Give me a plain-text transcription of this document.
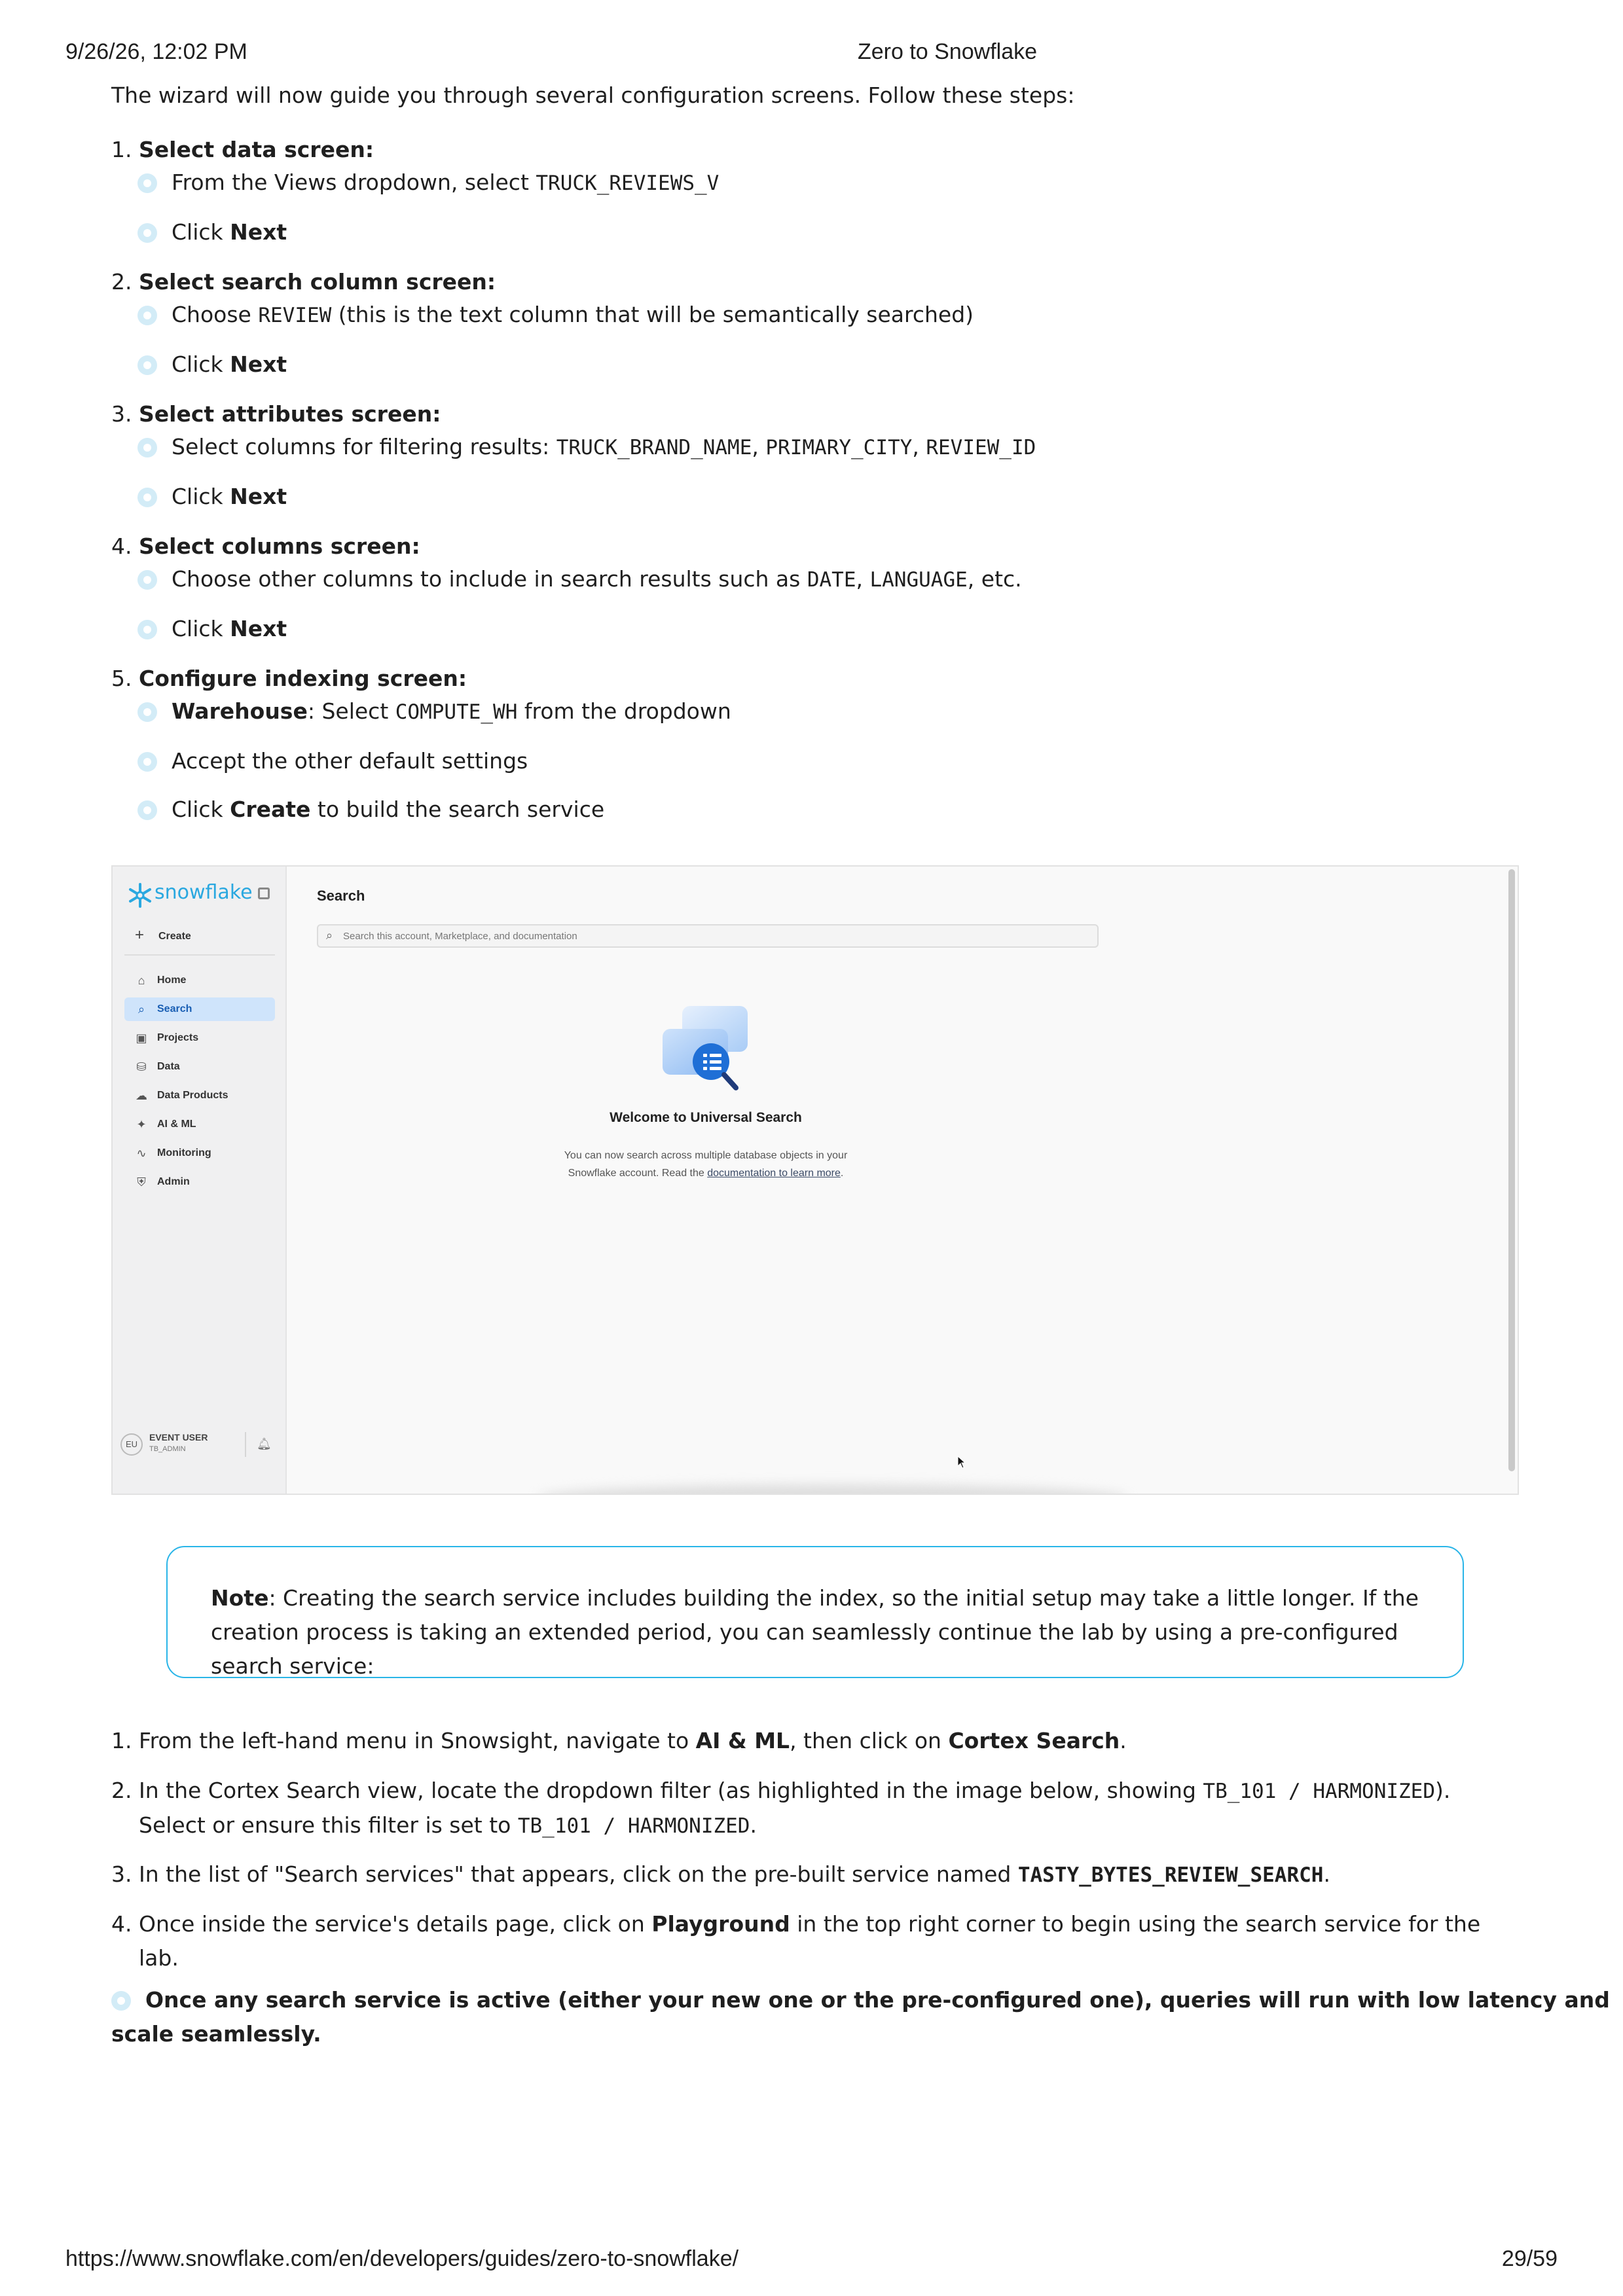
9/26/26, 12:02 PM	Zero to Snowflake
https://www.snowflake.com/en/developers/guides/zero-to-snowflake/	29/59
The wizard will now guide you through several configuration screens. Follow these steps:
1. Select data screen:
From the Views dropdown, select TRUCK_REVIEWS_V
Click Next
2. Select search column screen:
Choose REVIEW (this is the text column that will be semantically searched)
Click Next
3. Select attributes screen:
Select columns for filtering results: TRUCK_BRAND_NAME, PRIMARY_CITY, REVIEW_ID
Click Next
4. Select columns screen:
Choose other columns to include in search results such as DATE, LANGUAGE, etc.
Click Next
5. Configure indexing screen:
Warehouse: Select COMPUTE_WH from the dropdown
Accept the other default settings
Click Create to build the search service
snowflake
+ Create
⌂ Home
⌕	Search
▣ Projects
⛁ Data
☁ Data Products
✦ AI & ML
∿ Monitoring
⛨ Admin
EU
EVENT USER
TB_ADMIN	🔔︎
Search
⌕ Search this account, Marketplace, and documentation
Welcome to Universal Search
You can now search across multiple database objects in your
Snowflake account. Read the documentation to learn more.
Note: Creating the search service includes building the index, so the initial setup may take a little longer. If the creation process is taking an extended period, you can seamlessly continue the lab by using a pre-configured search service:
1. From the left-hand menu in Snowsight, navigate to AI & ML, then click on Cortex Search.
2. In the Cortex Search view, locate the dropdown filter (as highlighted in the image below, showing TB_101 / HARMONIZED). Select or ensure this filter is set to TB_101 / HARMONIZED.
3. In the list of "Search services" that appears, click on the pre-built service named TASTY_BYTES_REVIEW_SEARCH.
4. Once inside the service's details page, click on Playground in the top right corner to begin using the search service for the lab.
Once any search service is active (either your new one or the pre-configured one), queries will run with low latency and scale seamlessly.
